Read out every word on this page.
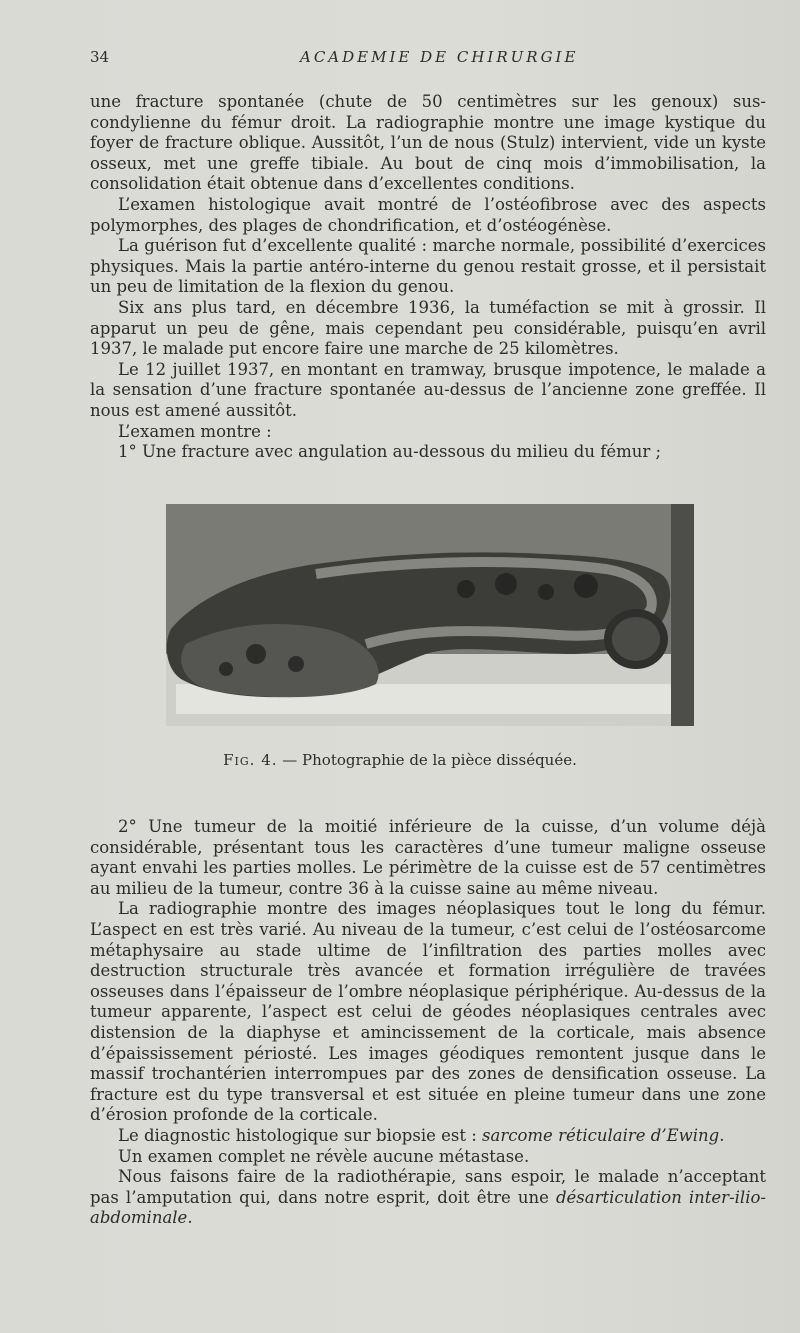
34	ACADEMIE DE CHIRURGIE

une fracture spontanée (chute de 50 centimètres sur les genoux) sus-condylienne du fémur droit. La radiographie montre une image kystique du foyer de fracture oblique. Aussitôt, l’un de nous (Stulz) intervient, vide un kyste osseux, met une greffe tibiale. Au bout de cinq mois d’immobilisation, la consolidation était obtenue dans d’excellentes conditions.

L’examen histologique avait montré de l’ostéofibrose avec des aspects polymorphes, des plages de chondrification, et d’ostéogénèse.

La guérison fut d’excellente qualité : marche normale, possibilité d’exercices physiques. Mais la partie antéro-interne du genou restait grosse, et il persistait un peu de limitation de la flexion du genou.

Six ans plus tard, en décembre 1936, la tuméfaction se mit à grossir. Il apparut un peu de gêne, mais cependant peu considérable, puisqu’en avril 1937, le malade put encore faire une marche de 25 kilomètres.

Le 12 juillet 1937, en montant en tramway, brusque impotence, le malade a la sensation d’une fracture spontanée au-dessus de l’ancienne zone greffée. Il nous est amené aussitôt.

L’examen montre :

1° Une fracture avec angulation au-dessous du milieu du fémur ;

Fig. 4. — Photographie de la pièce disséquée.

2° Une tumeur de la moitié inférieure de la cuisse, d’un volume déjà considérable, présentant tous les caractères d’une tumeur maligne osseuse ayant envahi les parties molles. Le périmètre de la cuisse est de 57 centimètres au milieu de la tumeur, contre 36 à la cuisse saine au même niveau.

La radiographie montre des images néoplasiques tout le long du fémur. L’aspect en est très varié. Au niveau de la tumeur, c’est celui de l’ostéosarcome métaphysaire au stade ultime de l’infiltration des parties molles avec destruction structurale très avancée et formation irrégulière de travées osseuses dans l’épaisseur de l’ombre néoplasique périphérique. Au-dessus de la tumeur apparente, l’aspect est celui de géodes néoplasiques centrales avec distension de la diaphyse et amincissement de la corticale, mais absence d’épaississement périosté. Les images géodiques remontent jusque dans le massif trochantérien interrompues par des zones de densification osseuse. La fracture est du type transversal et est située en pleine tumeur dans une zone d’érosion profonde de la corticale.

Le diagnostic histologique sur biopsie est : sarcome réticulaire d’Ewing.

Un examen complet ne révèle aucune métastase.

Nous faisons faire de la radiothérapie, sans espoir, le malade n’acceptant pas l’amputation qui, dans notre esprit, doit être une désarticulation inter-ilio-abdominale.
